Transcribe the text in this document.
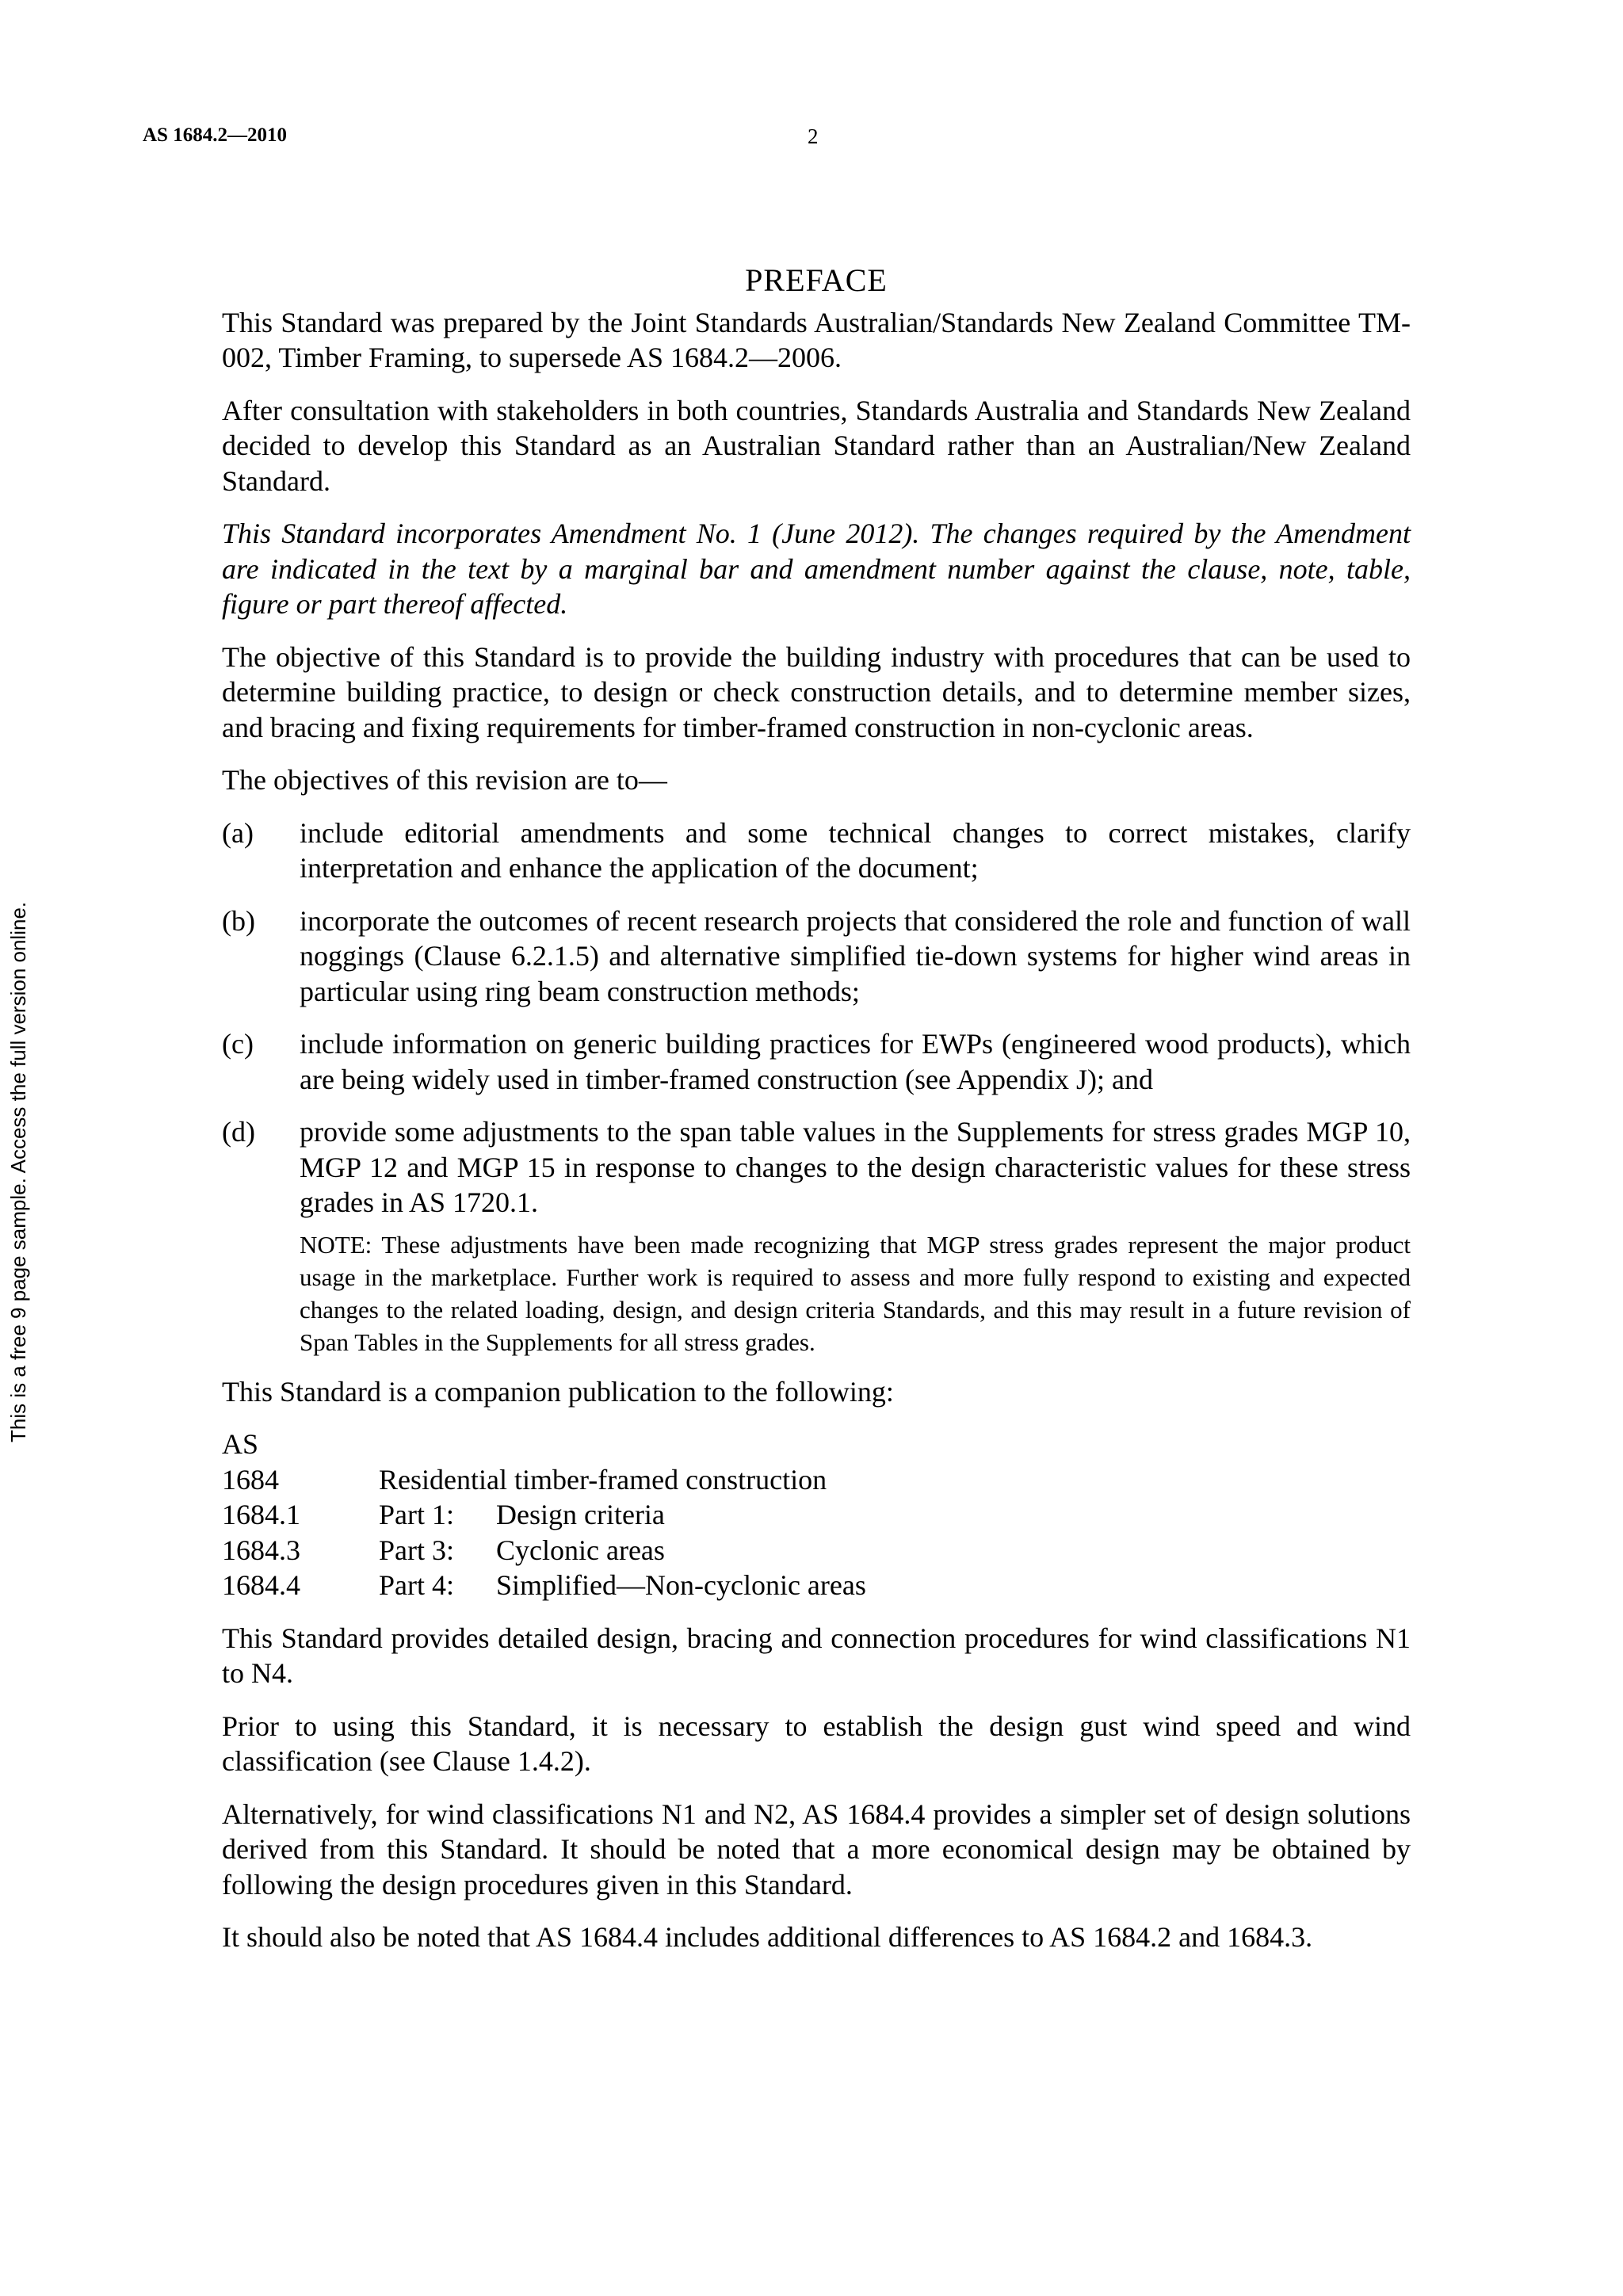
AS 1684.2—2010	2
This is a free 9 page sample. Access the full version online.
PREFACE

This Standard was prepared by the Joint Standards Australian/Standards New Zealand Committee TM-002, Timber Framing, to supersede AS 1684.2—2006.

After consultation with stakeholders in both countries, Standards Australia and Standards New Zealand decided to develop this Standard as an Australian Standard rather than an Australian/New Zealand Standard.

This Standard incorporates Amendment No. 1 (June 2012). The changes required by the Amendment are indicated in the text by a marginal bar and amendment number against the clause, note, table, figure or part thereof affected.

The objective of this Standard is to provide the building industry with procedures that can be used to determine building practice, to design or check construction details, and to determine member sizes, and bracing and fixing requirements for timber-framed construction in non-cyclonic areas.

The objectives of this revision are to—

(a)	include editorial amendments and some technical changes to correct mistakes, clarify interpretation and enhance the application of the document;
(b)	incorporate the outcomes of recent research projects that considered the role and function of wall noggings (Clause 6.2.1.5) and alternative simplified tie-down systems for higher wind areas in particular using ring beam construction methods;
(c)	include information on generic building practices for EWPs (engineered wood products), which are being widely used in timber-framed construction (see Appendix J); and
(d)	provide some adjustments to the span table values in the Supplements for stress grades MGP 10, MGP 12 and MGP 15 in response to changes to the design characteristic values for these stress grades in AS 1720.1.
NOTE: These adjustments have been made recognizing that MGP stress grades represent the major product usage in the marketplace. Further work is required to assess and more fully respond to existing and expected changes to the related loading, design, and design criteria Standards, and this may result in a future revision of Span Tables in the Supplements for all stress grades.

This Standard is a companion publication to the following:

AS
1684	Residential timber-framed construction
1684.1	Part 1:	Design criteria
1684.3	Part 3:	Cyclonic areas
1684.4	Part 4:	Simplified—Non-cyclonic areas

This Standard provides detailed design, bracing and connection procedures for wind classifications N1 to N4.

Prior to using this Standard, it is necessary to establish the design gust wind speed and wind classification (see Clause 1.4.2).

Alternatively, for wind classifications N1 and N2, AS 1684.4 provides a simpler set of design solutions derived from this Standard. It should be noted that a more economical design may be obtained by following the design procedures given in this Standard.

It should also be noted that AS 1684.4 includes additional differences to AS 1684.2 and 1684.3.
